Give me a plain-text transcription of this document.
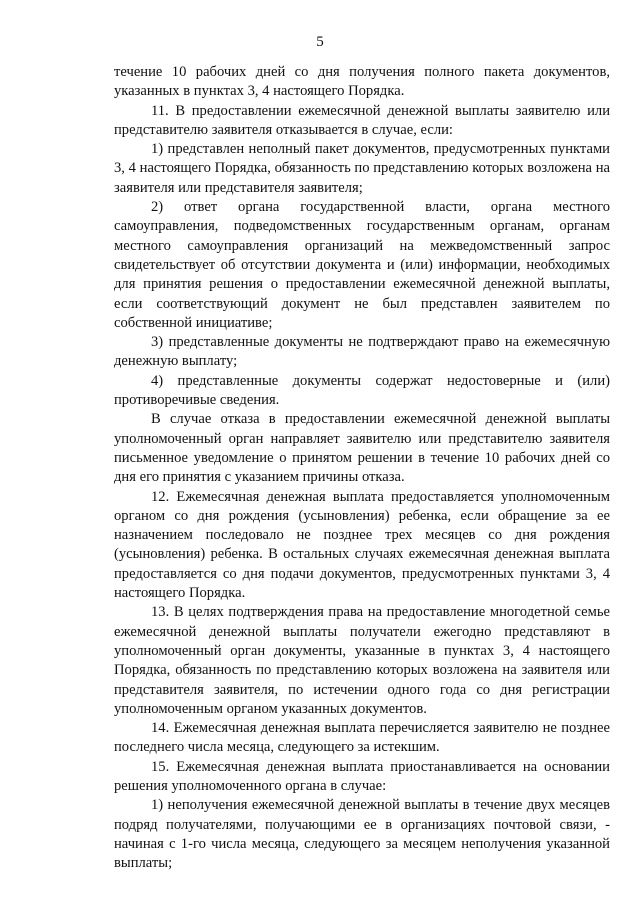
5

течение 10 рабочих дней со дня получения полного пакета документов, указанных в пунктах 3, 4 настоящего Порядка.

11. В предоставлении ежемесячной денежной выплаты заявителю или представителю заявителя отказывается в случае, если:

1) представлен неполный пакет документов, предусмотренных пунктами 3, 4 настоящего Порядка, обязанность по представлению которых возложена на заявителя или представителя заявителя;

2) ответ органа государственной власти, органа местного самоуправления, подведомственных государственным органам, органам местного самоуправления организаций на межведомственный запрос свидетельствует об отсутствии документа и (или) информации, необходимых для принятия решения о предоставлении ежемесячной денежной выплаты, если соответствующий документ не был представлен заявителем по собственной инициативе;

3) представленные документы не подтверждают право на ежемесячную денежную выплату;

4) представленные документы содержат недостоверные и (или) противоречивые сведения.

В случае отказа в предоставлении ежемесячной денежной выплаты уполномоченный орган направляет заявителю или представителю заявителя письменное уведомление о принятом решении в течение 10 рабочих дней со дня его принятия с указанием причины отказа.

12. Ежемесячная денежная выплата предоставляется уполномоченным органом со дня рождения (усыновления) ребенка, если обращение за ее назначением последовало не позднее трех месяцев со дня рождения (усыновления) ребенка. В остальных случаях ежемесячная денежная выплата предоставляется со дня подачи документов, предусмотренных пунктами 3, 4 настоящего Порядка.

13. В целях подтверждения права на предоставление многодетной семье ежемесячной денежной выплаты получатели ежегодно представляют в уполномоченный орган документы, указанные в пунктах 3, 4 настоящего Порядка, обязанность по представлению которых возложена на заявителя или представителя заявителя, по истечении одного года со дня регистрации уполномоченным органом указанных документов.

14. Ежемесячная денежная выплата перечисляется заявителю не позднее последнего числа месяца, следующего за истекшим.

15. Ежемесячная денежная выплата приостанавливается на основании решения уполномоченного органа в случае:

1) неполучения ежемесячной денежной выплаты в течение двух месяцев подряд получателями, получающими ее в организациях почтовой связи, - начиная с 1-го числа месяца, следующего за месяцем неполучения указанной выплаты;
